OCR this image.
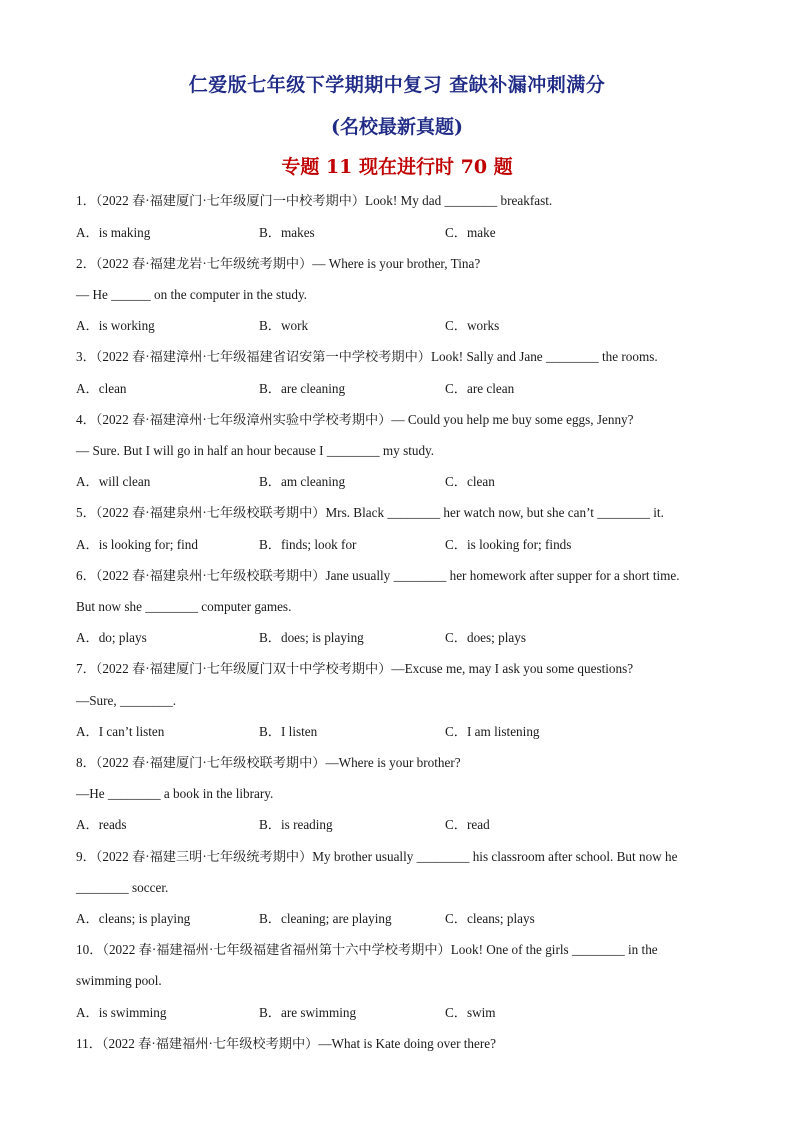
仁爱版七年级下学期期中复习 查缺补漏冲刺满分
(名校最新真题)
专题 11 现在进行时 70 题
1．（2022 春·福建厦门·七年级厦门一中校考期中）Look! My dad ________ breakfast.
A．is making	B．makes	C．make
2．（2022 春·福建龙岩·七年级统考期中）— Where is your brother, Tina?
— He ______ on the computer in the study.
A．is working	B．work	C．works
3．（2022 春·福建漳州·七年级福建省诏安第一中学校考期中）Look! Sally and Jane ________ the rooms.
A．clean	B．are cleaning	C．are clean
4．（2022 春·福建漳州·七年级漳州实验中学校考期中）— Could you help me buy some eggs, Jenny?
— Sure. But I will go in half an hour because I ________ my study.
A．will clean	B．am cleaning	C．clean
5．（2022 春·福建泉州·七年级校联考期中）Mrs. Black ________ her watch now, but she can’t ________ it.
A．is looking for; find	B．finds; look for	C．is looking for; finds
6．（2022 春·福建泉州·七年级校联考期中）Jane usually ________ her homework after supper for a short time.
But now she ________ computer games.
A．do; plays	B．does; is playing	C．does; plays
7．（2022 春·福建厦门·七年级厦门双十中学校考期中）—Excuse me, may I ask you some questions?
—Sure, ________.
A．I can’t listen	B．I listen	C．I am listening
8．（2022 春·福建厦门·七年级校联考期中）—Where is your brother?
—He ________ a book in the library.
A．reads	B．is reading	C．read
9．（2022 春·福建三明·七年级统考期中）My brother usually ________ his classroom after school. But now he
________ soccer.
A．cleans; is playing	B．cleaning; are playing	C．cleans; plays
10．（2022 春·福建福州·七年级福建省福州第十六中学校考期中）Look! One of the girls ________ in the
swimming pool.
A．is swimming	B．are swimming	C．swim
11．（2022 春·福建福州·七年级校考期中）—What is Kate doing over there?
